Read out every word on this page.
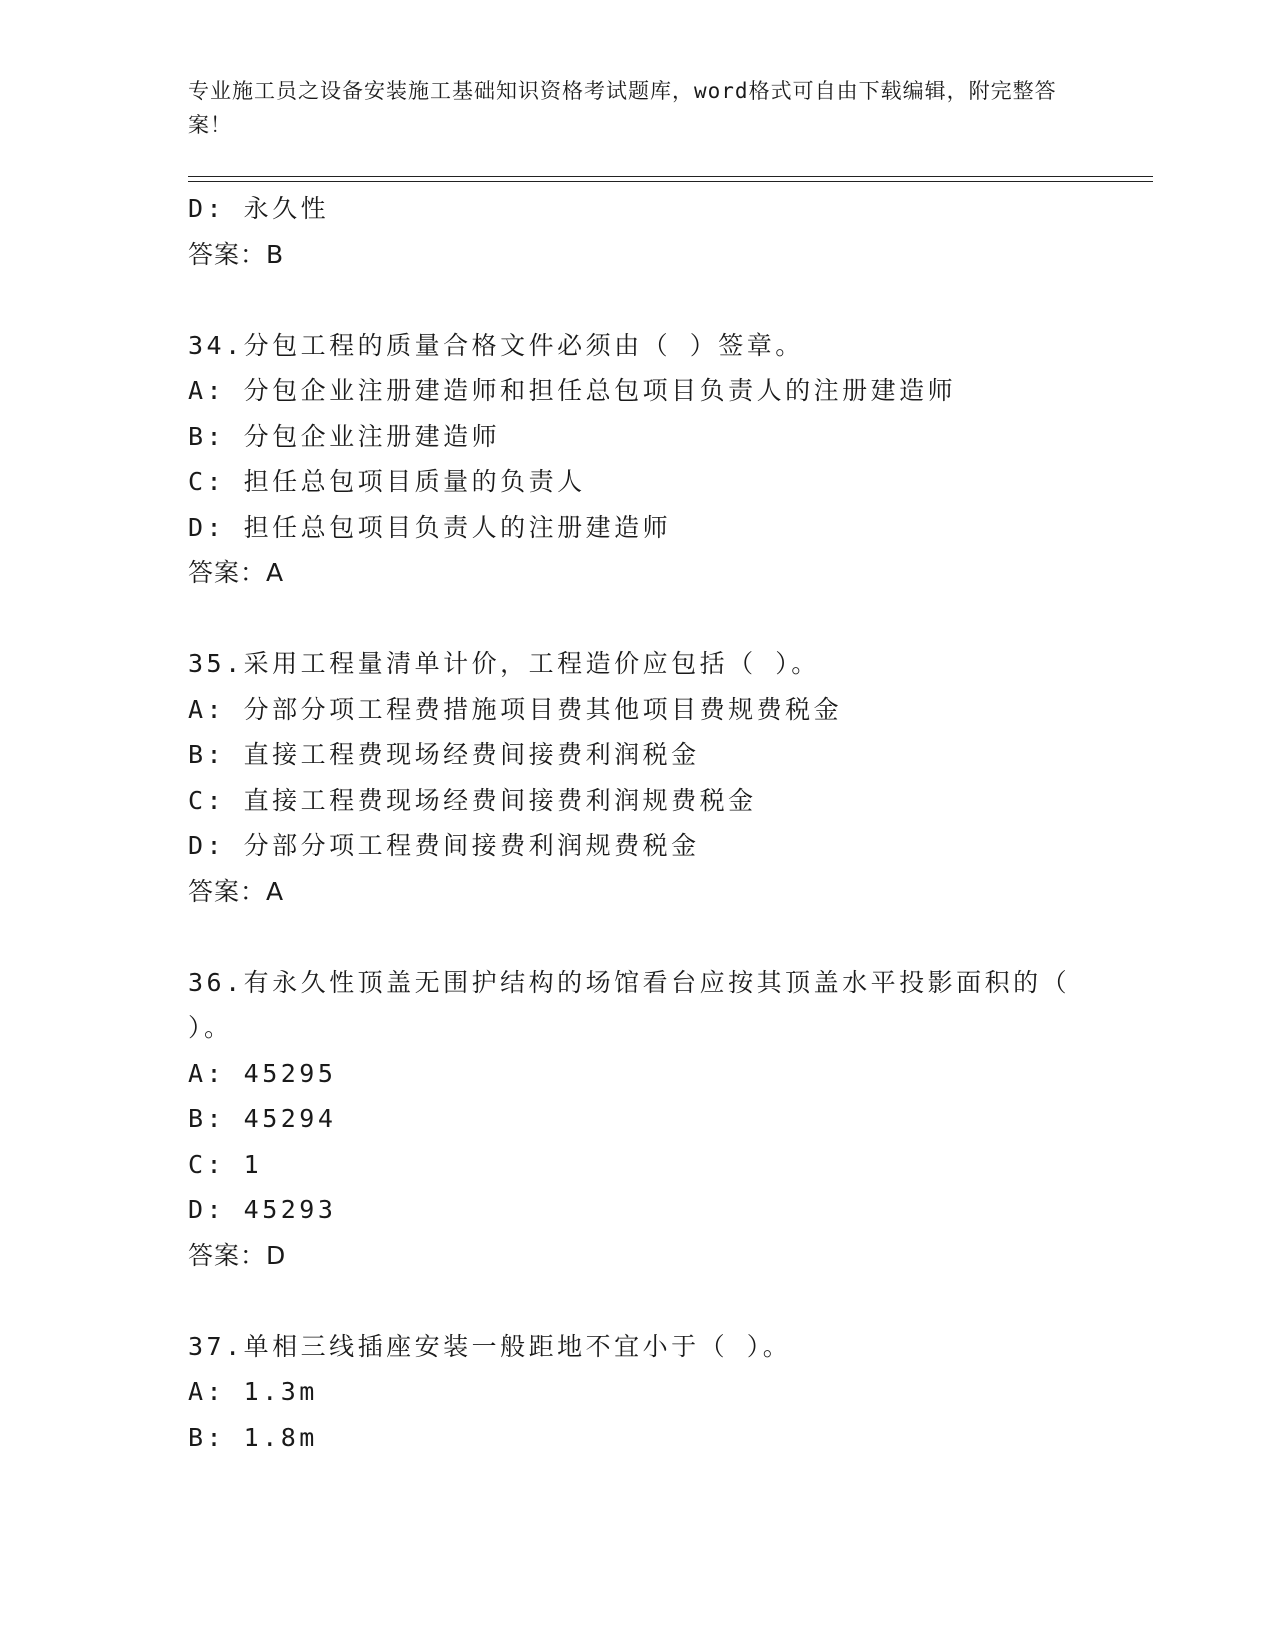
专业施工员之设备安装施工基础知识资格考试题库，word格式可自由下载编辑，附完整答案！
D: 永久性
答案：B
34.分包工程的质量合格文件必须由（ ）签章。
A: 分包企业注册建造师和担任总包项目负责人的注册建造师
B: 分包企业注册建造师
C: 担任总包项目质量的负责人
D: 担任总包项目负责人的注册建造师
答案：A
35.采用工程量清单计价，工程造价应包括（ ）。
A: 分部分项工程费措施项目费其他项目费规费税金
B: 直接工程费现场经费间接费利润税金
C: 直接工程费现场经费间接费利润规费税金
D: 分部分项工程费间接费利润规费税金
答案：A
36.有永久性顶盖无围护结构的场馆看台应按其顶盖水平投影面积的（
）。
A: 45295
B: 45294
C: 1
D: 45293
答案：D
37.单相三线插座安装一般距地不宜小于（ ）。
A: 1.3m
B: 1.8m
